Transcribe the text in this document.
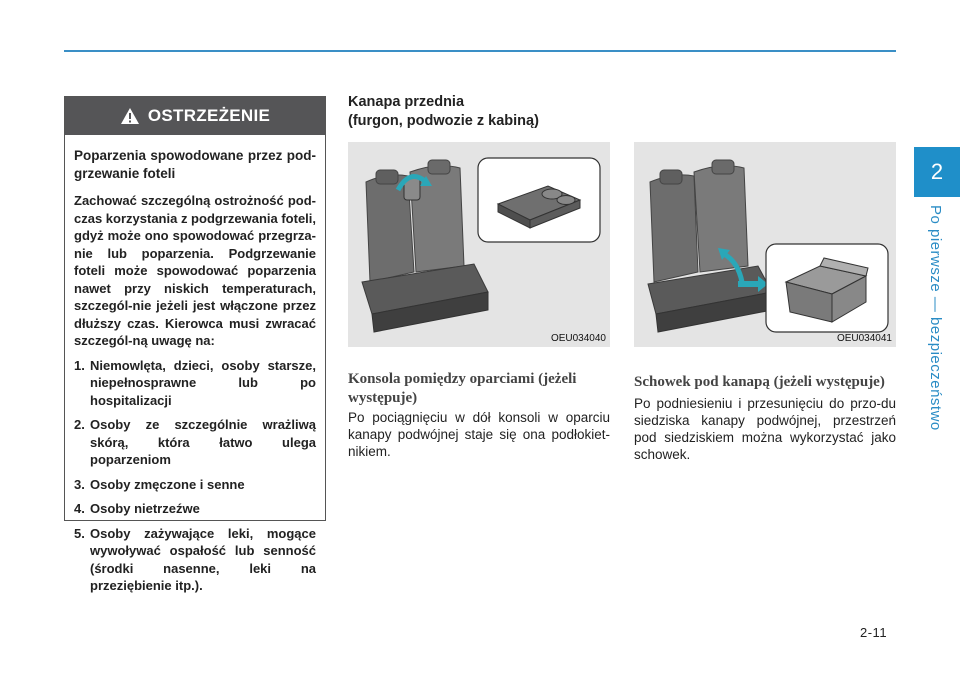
2
Po pierwsze — bezpieczeństwo
OSTRZEŻENIE
Poparzenia spowodowane przez pod-grzewanie foteli
Zachować szczególną ostrożność pod-czas korzystania z podgrzewania foteli, gdyż może ono spowodować przegrza-nie lub poparzenia. Podgrzewanie foteli może spowodować poparzenia nawet przy niskich temperaturach, szczegól-nie jeżeli jest włączone przez dłuższy czas. Kierowca musi zwracać szczegól-ną uwagę na:
1. Niemowlęta, dzieci, osoby starsze, niepełnosprawne lub po hospitalizacji
2. Osoby ze szczególnie wrażliwą skórą, która łatwo ulega poparzeniom
3. Osoby zmęczone i senne
4. Osoby nietrzeźwe
5. Osoby zażywające leki, mogące wywoływać ospałość lub senność (środki nasenne, leki na przeziębienie itp.).
Kanapa przednia
(furgon, podwozie z kabiną)
OEU034040	OEU034041
Konsola pomiędzy oparciami (jeżeli występuje)
Po pociągnięciu w dół konsoli w oparciu kanapy podwójnej staje się ona podłokiet-nikiem.
Schowek pod kanapą (jeżeli występuje)
Po podniesieniu i przesunięciu do przo-du siedziska kanapy podwójnej, przestrzeń pod siedziskiem można wykorzystać jako schowek.
2-11
